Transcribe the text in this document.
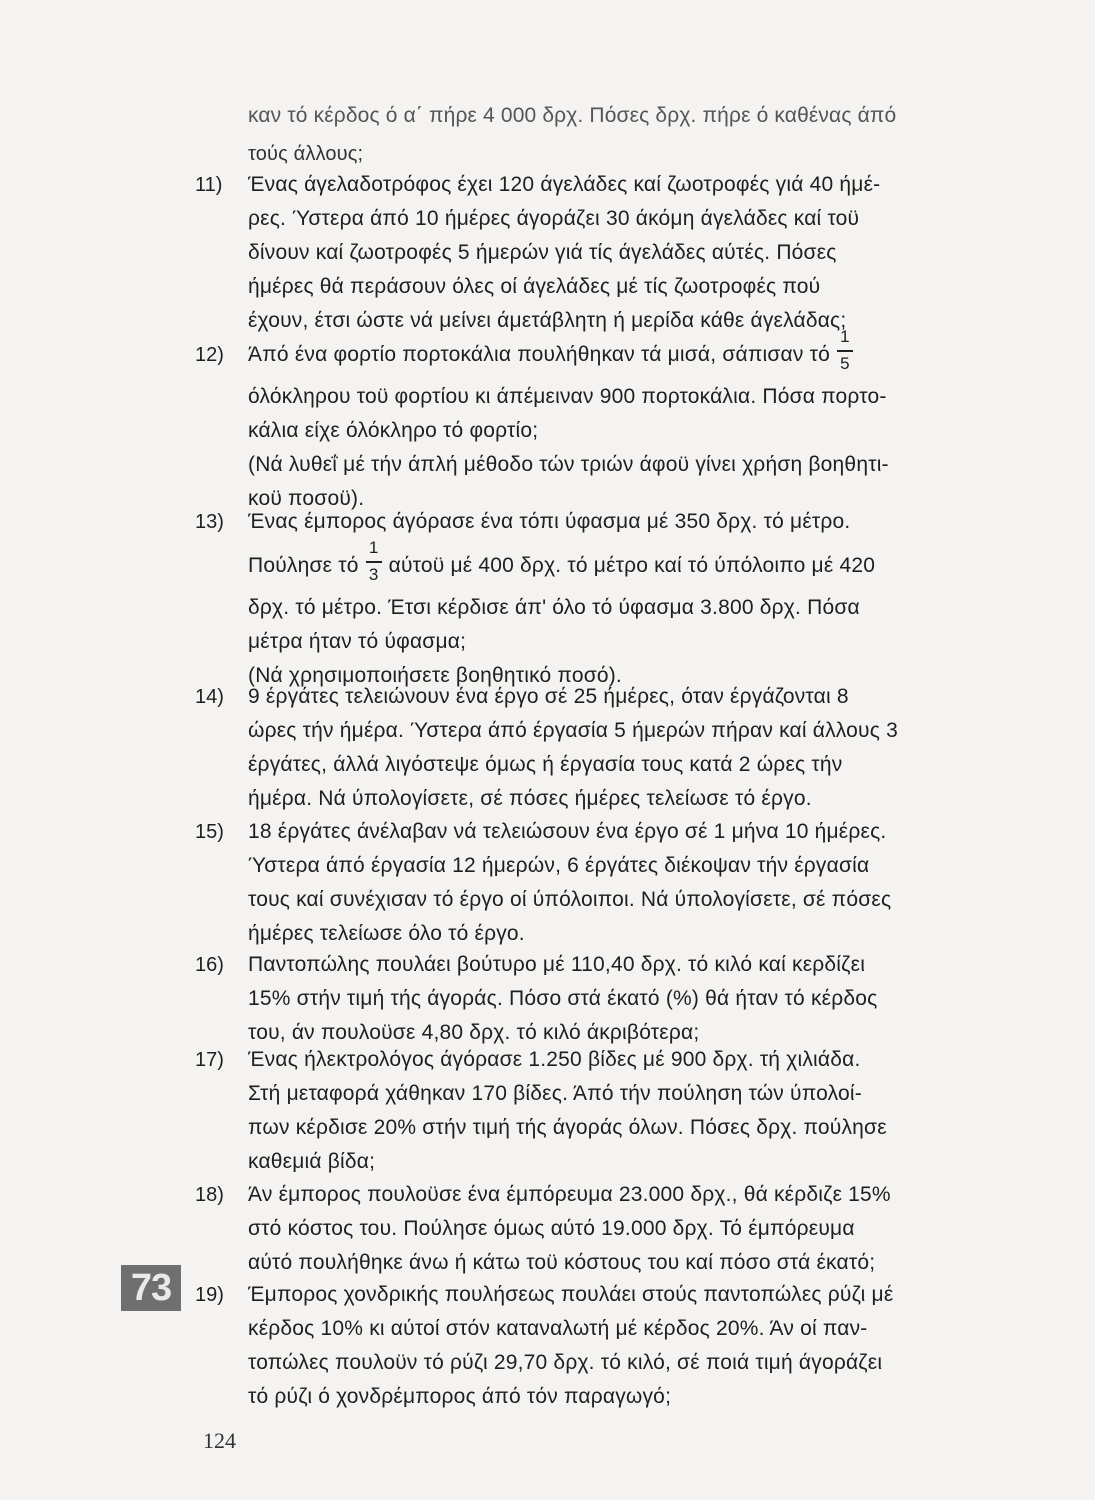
καν τό κέρδος ό α΄ πήρε 4 000 δρχ. Πόσες δρχ. πήρε ό καθένας άπό
τούς άλλους;
11)	Ένας άγελαδοτρόφος έχει 120 άγελάδες καί ζωοτροφές γιά 40 ήμέ-
ρες. Ύστερα άπό 10 ήμέρες άγοράζει 30 άκόμη άγελάδες καί τοϋ
δίνουν καί ζωοτροφές 5 ήμερών γιά τίς άγελάδες αύτές. Πόσες
ήμέρες θά περάσουν όλες οί άγελάδες μέ τίς ζωοτροφές πού
έχουν, έτσι ώστε νά μείνει άμετάβλητη ή μερίδα κάθε άγελάδας;
12)	Άπό ένα φορτίο πορτοκάλια πουλήθηκαν τά μισά, σάπισαν τό $\frac{1}{5}$
όλόκληρου τοϋ φορτίου κι άπέμειναν 900 πορτοκάλια. Πόσα πορτο-
κάλια είχε όλόκληρο τό φορτίο;
(Νά λυθεΐ μέ τήν άπλή μέθοδο τών τριών άφοϋ γίνει χρήση βοηθητι-
κοϋ ποσοϋ).
13)	Ένας έμπορος άγόρασε ένα τόπι ύφασμα μέ 350 δρχ. τό μέτρο.
Πούλησε τό $\frac{1}{3}$ αύτοϋ μέ 400 δρχ. τό μέτρο καί τό ύπόλοιπο μέ 420
δρχ. τό μέτρο. Έτσι κέρδισε άπ' όλο τό ύφασμα 3.800 δρχ. Πόσα
μέτρα ήταν τό ύφασμα;
(Νά χρησιμοποιήσετε βοηθητικό ποσό).
14)	9 έργάτες τελειώνουν ένα έργο σέ 25 ήμέρες, όταν έργάζονται 8
ώρες τήν ήμέρα. Ύστερα άπό έργασία 5 ήμερών πήραν καί άλλους 3
έργάτες, άλλά λιγόστεψε όμως ή έργασία τους κατά 2 ώρες τήν
ήμέρα. Νά ύπολογίσετε, σέ πόσες ήμέρες τελείωσε τό έργο.
15)	18 έργάτες άνέλαβαν νά τελειώσουν ένα έργο σέ 1 μήνα 10 ήμέρες.
Ύστερα άπό έργασία 12 ήμερών, 6 έργάτες διέκοψαν τήν έργασία
τους καί συνέχισαν τό έργο οί ύπόλοιποι. Νά ύπολογίσετε, σέ πόσες
ήμέρες τελείωσε όλο τό έργο.
16)	Παντοπώλης πουλάει βούτυρο μέ 110,40 δρχ. τό κιλό καί κερδίζει
15% στήν τιμή τής άγοράς. Πόσο στά έκατό (%) θά ήταν τό κέρδος
του, άν πουλοϋσε 4,80 δρχ. τό κιλό άκριβότερα;
17)	Ένας ήλεκτρολόγος άγόρασε 1.250 βίδες μέ 900 δρχ. τή χιλιάδα.
Στή μεταφορά χάθηκαν 170 βίδες. Άπό τήν πούληση τών ύπολοί-
πων κέρδισε 20% στήν τιμή τής άγοράς όλων. Πόσες δρχ. πούλησε
καθεμιά βίδα;
18)	Άν έμπορος πουλοϋσε ένα έμπόρευμα 23.000 δρχ., θά κέρδιζε 15%
στό κόστος του. Πούλησε όμως αύτό 19.000 δρχ. Τό έμπόρευμα
αύτό πουλήθηκε άνω ή κάτω τοϋ κόστους του καί πόσο στά έκατό;
19)	Έμπορος χονδρικής πουλήσεως πουλάει στούς παντοπώλες ρύζι μέ
κέρδος 10% κι αύτοί στόν καταναλωτή μέ κέρδος 20%. Άν οί παν-
τοπώλες πουλοϋν τό ρύζι 29,70 δρχ. τό κιλό, σέ ποιά τιμή άγοράζει
τό ρύζι ό χονδρέμπορος άπό τόν παραγωγό;
73
124
